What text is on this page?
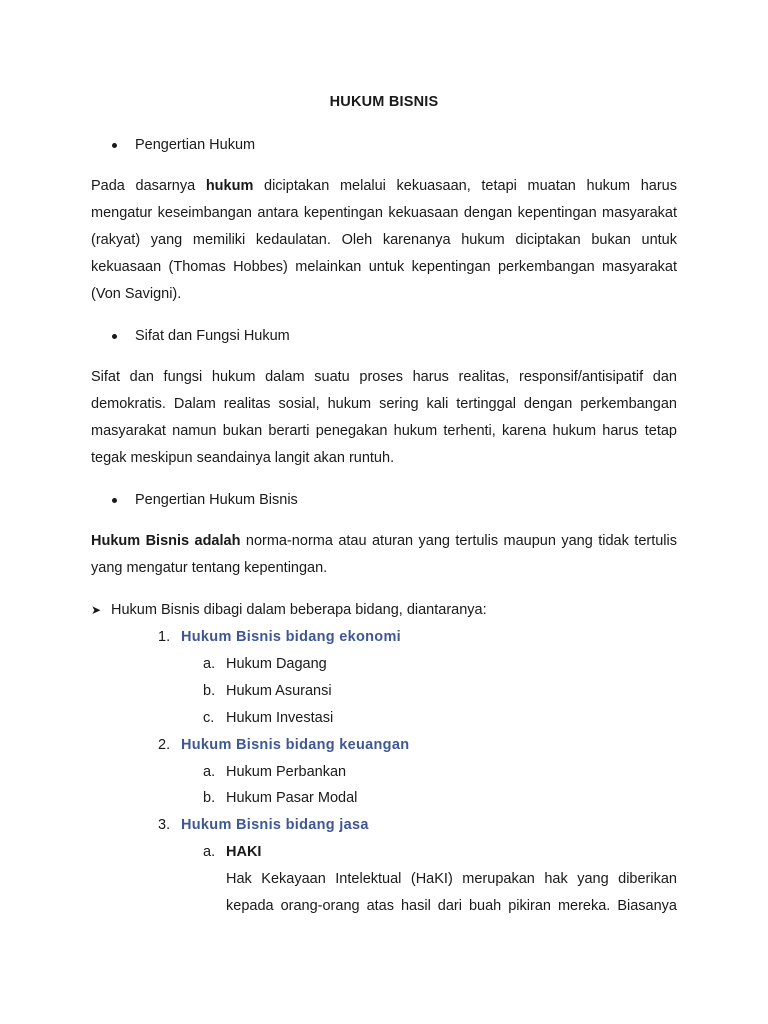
HUKUM BISNIS
Pengertian Hukum
Pada dasarnya hukum diciptakan melalui kekuasaan, tetapi muatan hukum harus mengatur keseimbangan antara kepentingan kekuasaan dengan kepentingan masyarakat (rakyat) yang memiliki kedaulatan. Oleh karenanya hukum diciptakan bukan untuk kekuasaan (Thomas Hobbes) melainkan untuk kepentingan perkembangan masyarakat (Von Savigni).
Sifat dan Fungsi Hukum
Sifat dan fungsi hukum dalam suatu proses harus realitas, responsif/antisipatif dan demokratis. Dalam realitas sosial, hukum sering kali tertinggal dengan perkembangan masyarakat namun bukan berarti penegakan hukum terhenti, karena hukum harus tetap tegak meskipun seandainya langit akan runtuh.
Pengertian Hukum Bisnis
Hukum Bisnis adalah norma-norma atau aturan yang tertulis maupun yang tidak tertulis yang mengatur tentang kepentingan.
➤ Hukum Bisnis dibagi dalam beberapa bidang, diantaranya:
1. Hukum Bisnis bidang ekonomi
a. Hukum Dagang
b. Hukum Asuransi
c. Hukum Investasi
2. Hukum Bisnis bidang keuangan
a. Hukum Perbankan
b. Hukum Pasar Modal
3. Hukum Bisnis bidang jasa
a. HAKI
Hak Kekayaan Intelektual (HaKI) merupakan hak yang diberikan kepada orang-orang atas hasil dari buah pikiran mereka. Biasanya
